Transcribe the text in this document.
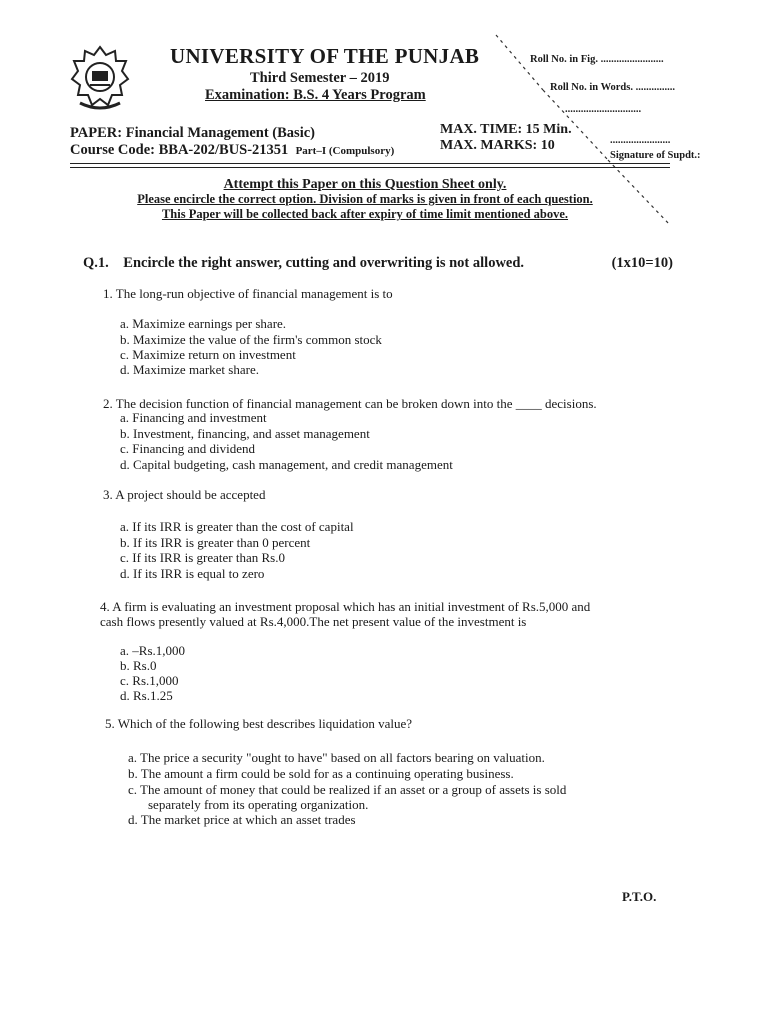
UNIVERSITY OF THE PUNJAB
Third Semester – 2019
Examination: B.S. 4 Years Program
Roll No. in Fig. ........................
Roll No. in Words. ...............
.............................
.......................
Signature of Supdt.:
PAPER: Financial Management (Basic)
Course Code: BBA-202/BUS-21351 Part–I (Compulsory)
MAX. TIME: 15 Min.
MAX. MARKS: 10
Attempt this Paper on this Question Sheet only.
Please encircle the correct option. Division of marks is given in front of each question.
This Paper will be collected back after expiry of time limit mentioned above.
Q.1. Encircle the right answer, cutting and overwriting is not allowed.	(1x10=10)
1. The long-run objective of financial management is to
a. Maximize earnings per share.
b. Maximize the value of the firm's common stock
c. Maximize return on investment
d. Maximize market share.
2. The decision function of financial management can be broken down into the ____ decisions.
a. Financing and investment
b. Investment, financing, and asset management
c. Financing and dividend
d. Capital budgeting, cash management, and credit management
3. A project should be accepted
a. If its IRR is greater than the cost of capital
b. If its IRR is greater than 0 percent
c. If its IRR is greater than Rs.0
d. If its IRR is equal to zero
4. A firm is evaluating an investment proposal which has an initial investment of Rs.5,000 and
cash flows presently valued at Rs.4,000.The net present value of the investment is
a. –Rs.1,000
b. Rs.0
c. Rs.1,000
d. Rs.1.25
5. Which of the following best describes liquidation value?
a. The price a security "ought to have" based on all factors bearing on valuation.
b. The amount a firm could be sold for as a continuing operating business.
c. The amount of money that could be realized if an asset or a group of assets is sold
separately from its operating organization.
d. The market price at which an asset trades
P.T.O.
